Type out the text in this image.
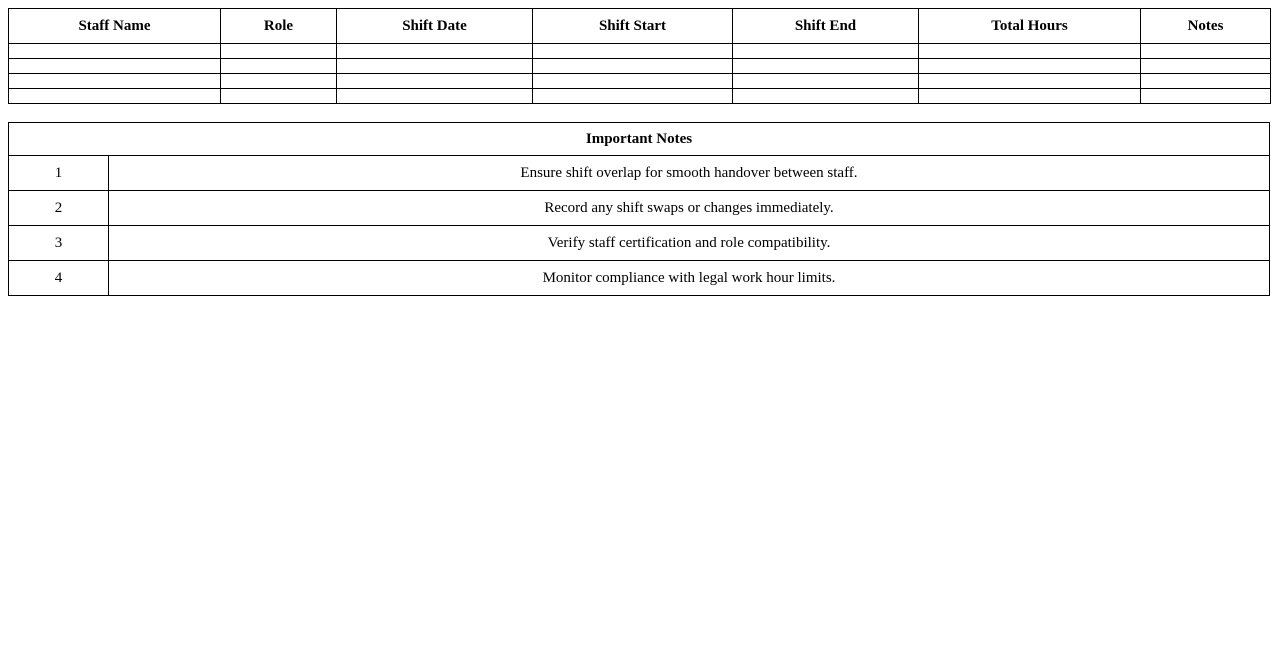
Staff Name	Role	Shift Date	Shift Start	Shift End	Total Hours	Notes

Important Notes	
1	Ensure shift overlap for smooth handover between staff.
2	Record any shift swaps or changes immediately.
3	Verify staff certification and role compatibility.
4	Monitor compliance with legal work hour limits.
